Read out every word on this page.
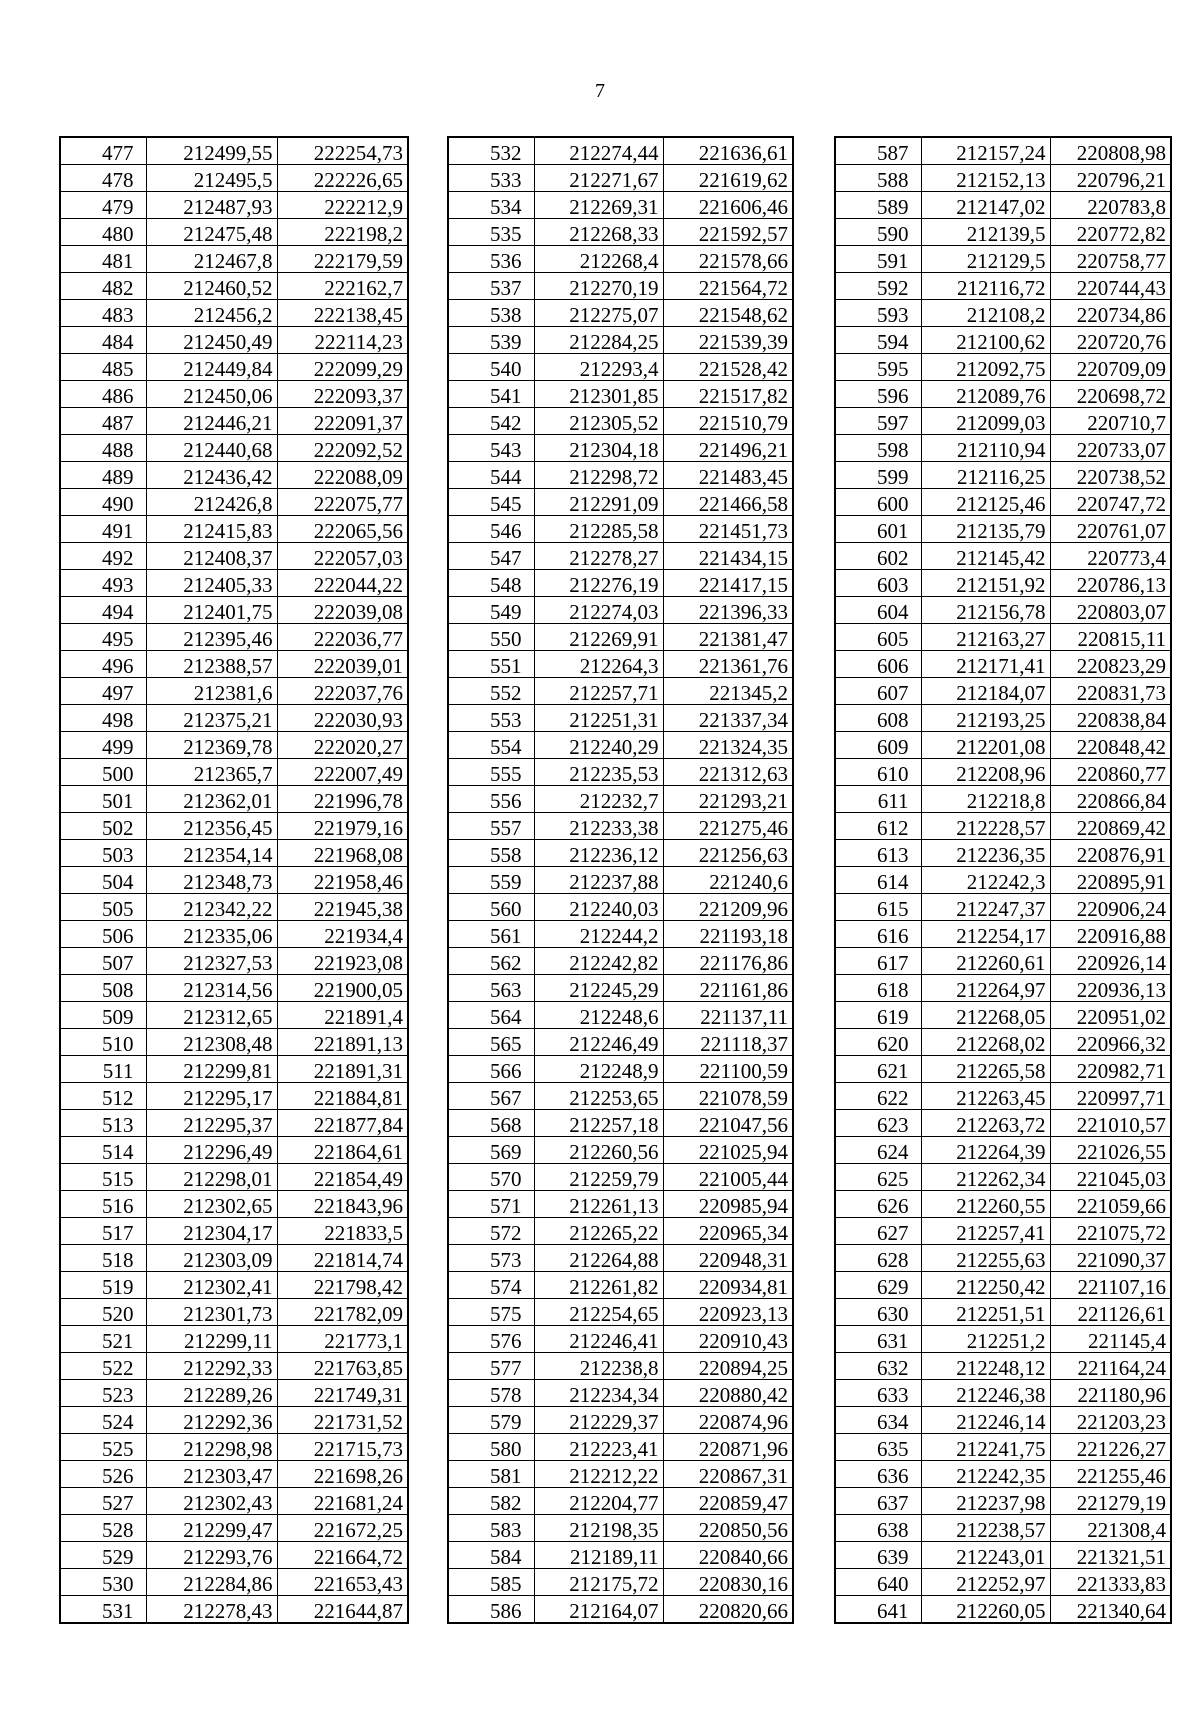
7
477	212499,55	222254,73
478	212495,5	222226,65
479	212487,93	222212,9
480	212475,48	222198,2
481	212467,8	222179,59
482	212460,52	222162,7
483	212456,2	222138,45
484	212450,49	222114,23
485	212449,84	222099,29
486	212450,06	222093,37
487	212446,21	222091,37
488	212440,68	222092,52
489	212436,42	222088,09
490	212426,8	222075,77
491	212415,83	222065,56
492	212408,37	222057,03
493	212405,33	222044,22
494	212401,75	222039,08
495	212395,46	222036,77
496	212388,57	222039,01
497	212381,6	222037,76
498	212375,21	222030,93
499	212369,78	222020,27
500	212365,7	222007,49
501	212362,01	221996,78
502	212356,45	221979,16
503	212354,14	221968,08
504	212348,73	221958,46
505	212342,22	221945,38
506	212335,06	221934,4
507	212327,53	221923,08
508	212314,56	221900,05
509	212312,65	221891,4
510	212308,48	221891,13
511	212299,81	221891,31
512	212295,17	221884,81
513	212295,37	221877,84
514	212296,49	221864,61
515	212298,01	221854,49
516	212302,65	221843,96
517	212304,17	221833,5
518	212303,09	221814,74
519	212302,41	221798,42
520	212301,73	221782,09
521	212299,11	221773,1
522	212292,33	221763,85
523	212289,26	221749,31
524	212292,36	221731,52
525	212298,98	221715,73
526	212303,47	221698,26
527	212302,43	221681,24
528	212299,47	221672,25
529	212293,76	221664,72
530	212284,86	221653,43
531	212278,43	221644,87
532	212274,44	221636,61
533	212271,67	221619,62
534	212269,31	221606,46
535	212268,33	221592,57
536	212268,4	221578,66
537	212270,19	221564,72
538	212275,07	221548,62
539	212284,25	221539,39
540	212293,4	221528,42
541	212301,85	221517,82
542	212305,52	221510,79
543	212304,18	221496,21
544	212298,72	221483,45
545	212291,09	221466,58
546	212285,58	221451,73
547	212278,27	221434,15
548	212276,19	221417,15
549	212274,03	221396,33
550	212269,91	221381,47
551	212264,3	221361,76
552	212257,71	221345,2
553	212251,31	221337,34
554	212240,29	221324,35
555	212235,53	221312,63
556	212232,7	221293,21
557	212233,38	221275,46
558	212236,12	221256,63
559	212237,88	221240,6
560	212240,03	221209,96
561	212244,2	221193,18
562	212242,82	221176,86
563	212245,29	221161,86
564	212248,6	221137,11
565	212246,49	221118,37
566	212248,9	221100,59
567	212253,65	221078,59
568	212257,18	221047,56
569	212260,56	221025,94
570	212259,79	221005,44
571	212261,13	220985,94
572	212265,22	220965,34
573	212264,88	220948,31
574	212261,82	220934,81
575	212254,65	220923,13
576	212246,41	220910,43
577	212238,8	220894,25
578	212234,34	220880,42
579	212229,37	220874,96
580	212223,41	220871,96
581	212212,22	220867,31
582	212204,77	220859,47
583	212198,35	220850,56
584	212189,11	220840,66
585	212175,72	220830,16
586	212164,07	220820,66
587	212157,24	220808,98
588	212152,13	220796,21
589	212147,02	220783,8
590	212139,5	220772,82
591	212129,5	220758,77
592	212116,72	220744,43
593	212108,2	220734,86
594	212100,62	220720,76
595	212092,75	220709,09
596	212089,76	220698,72
597	212099,03	220710,7
598	212110,94	220733,07
599	212116,25	220738,52
600	212125,46	220747,72
601	212135,79	220761,07
602	212145,42	220773,4
603	212151,92	220786,13
604	212156,78	220803,07
605	212163,27	220815,11
606	212171,41	220823,29
607	212184,07	220831,73
608	212193,25	220838,84
609	212201,08	220848,42
610	212208,96	220860,77
611	212218,8	220866,84
612	212228,57	220869,42
613	212236,35	220876,91
614	212242,3	220895,91
615	212247,37	220906,24
616	212254,17	220916,88
617	212260,61	220926,14
618	212264,97	220936,13
619	212268,05	220951,02
620	212268,02	220966,32
621	212265,58	220982,71
622	212263,45	220997,71
623	212263,72	221010,57
624	212264,39	221026,55
625	212262,34	221045,03
626	212260,55	221059,66
627	212257,41	221075,72
628	212255,63	221090,37
629	212250,42	221107,16
630	212251,51	221126,61
631	212251,2	221145,4
632	212248,12	221164,24
633	212246,38	221180,96
634	212246,14	221203,23
635	212241,75	221226,27
636	212242,35	221255,46
637	212237,98	221279,19
638	212238,57	221308,4
639	212243,01	221321,51
640	212252,97	221333,83
641	212260,05	221340,64
